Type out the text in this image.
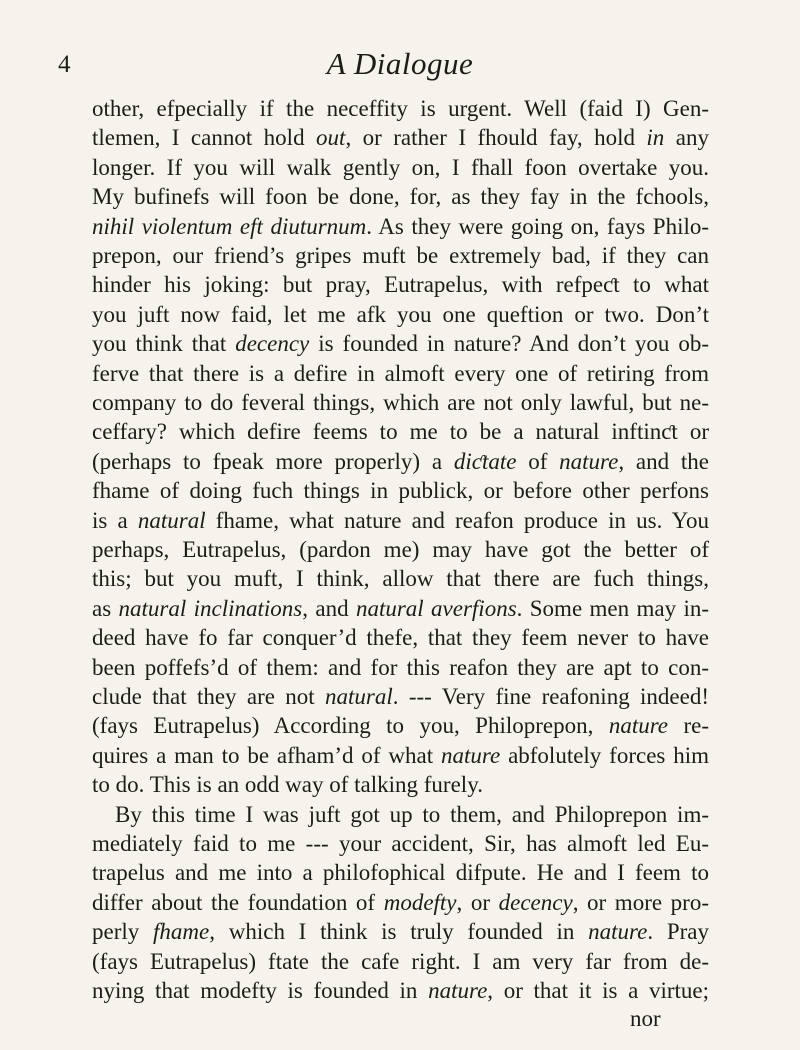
4	A Dialogue
other, efpecially if the neceffity is urgent. Well (faid I) Gen-
tlemen, I cannot hold out, or rather I fhould fay, hold in any
longer. If you will walk gently on, I fhall foon overtake you.
My bufinefs will foon be done, for, as they fay in the fchools,
nihil violentum eft diuturnum. As they were going on, fays Philo-
prepon, our friend’s gripes muft be extremely bad, if they can
hinder his joking: but pray, Eutrapelus, with refpeƈt to what
you juft now faid, let me afk you one queftion or two. Don’t
you think that decency is founded in nature? And don’t you ob-
ferve that there is a defire in almoft every one of retiring from
company to do feveral things, which are not only lawful, but ne-
ceffary? which defire feems to me to be a natural inftinƈt or
(perhaps to fpeak more properly) a diƈtate of nature, and the
fhame of doing fuch things in publick, or before other perfons
is a natural fhame, what nature and reafon produce in us. You
perhaps, Eutrapelus, (pardon me) may have got the better of
this; but you muft, I think, allow that there are fuch things,
as natural inclinations, and natural averfions. Some men may in-
deed have fo far conquer’d thefe, that they feem never to have
been poffefs’d of them: and for this reafon they are apt to con-
clude that they are not natural. --- Very fine reafoning indeed!
(fays Eutrapelus) According to you, Philoprepon, nature re-
quires a man to be afham’d of what nature abfolutely forces him
to do. This is an odd way of talking furely.
By this time I was juft got up to them, and Philoprepon im-
mediately faid to me --- your accident, Sir, has almoft led Eu-
trapelus and me into a philofophical difpute. He and I feem to
differ about the foundation of modefty, or decency, or more pro-
perly fhame, which I think is truly founded in nature. Pray
(fays Eutrapelus) ftate the cafe right. I am very far from de-
nying that modefty is founded in nature, or that it is a virtue;
nor
